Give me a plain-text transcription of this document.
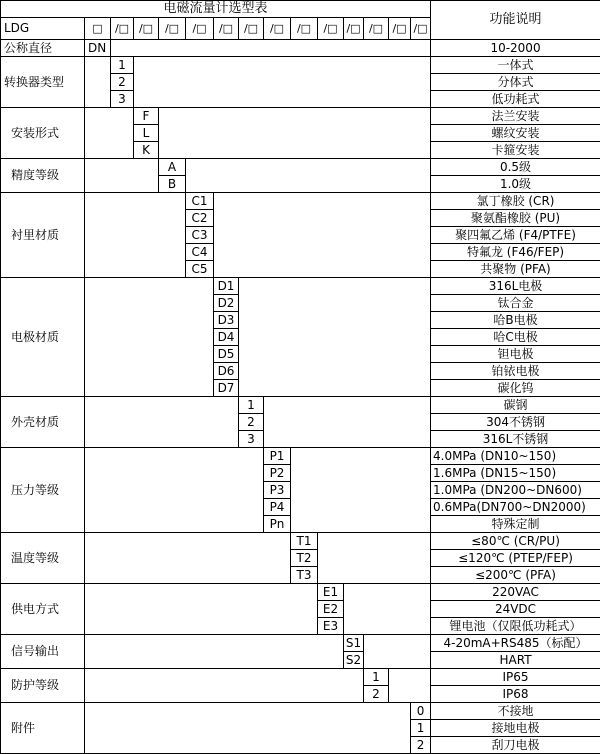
电磁流量计选型表															功能说明
LDG	□	/□	/□	/□	/□	/□	/□	/□	/□	/□	/□	/□	/□	/□	
公称直径	DN														10-2000
转换器类型		1													一体式
		2													分体式
		3													低功耗式
安装形式			F												法兰安装
			L												螺纹安装
			K												卡箍安装
精度等级				A											0.5级
				B											1.0级
衬里材质					C1										氯丁橡胶 (CR)
					C2										聚氨酯橡胶 (PU)
					C3										聚四氟乙烯 (F4/PTFE)
					C4										特氟龙 (F46/FEP)
					C5										共聚物 (PFA)
电极材质						D1									316L电极
						D2									钛合金
						D3									哈B电极
						D4									哈C电极
						D5									钽电极
						D6									铂铱电极
						D7									碳化钨
外壳材质							1								碳钢
							2								304不锈钢
							3								316L不锈钢
压力等级								P1							4.0MPa (DN10~150)
								P2							1.6MPa (DN15~150)
								P3							1.0MPa (DN200~DN600)
								P4							0.6MPa(DN700~DN2000)
								Pn							特殊定制
温度等级									T1						≤80℃ (CR/PU)
									T2						≤120℃ (PTEP/FEP)
									T3						≤200℃ (PFA)
供电方式										E1					220VAC
										E2					24VDC
										E3					锂电池（仅限低功耗式）
信号输出											S1				4-20mA+RS485（标配）
											S2				HART
防护等级												1			IP65
												2			IP68
附件														0	不接地
														1	接地电极
														2	刮刀电极
